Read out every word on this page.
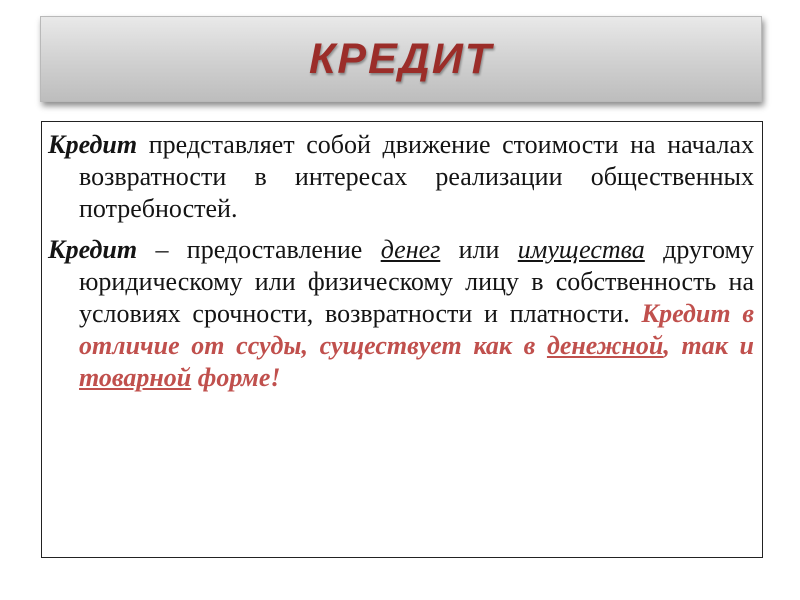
КРЕДИТ

Кредит представляет собой движение стоимости на началах возвратности в интересах реализации общественных потребностей.

Кредит – предоставление денег или имущества другому юридическому или физическому лицу в собственность на условиях срочности, возвратности и платности. Кредит в отличие от ссуды, существует как в денежной, так и товарной форме!
